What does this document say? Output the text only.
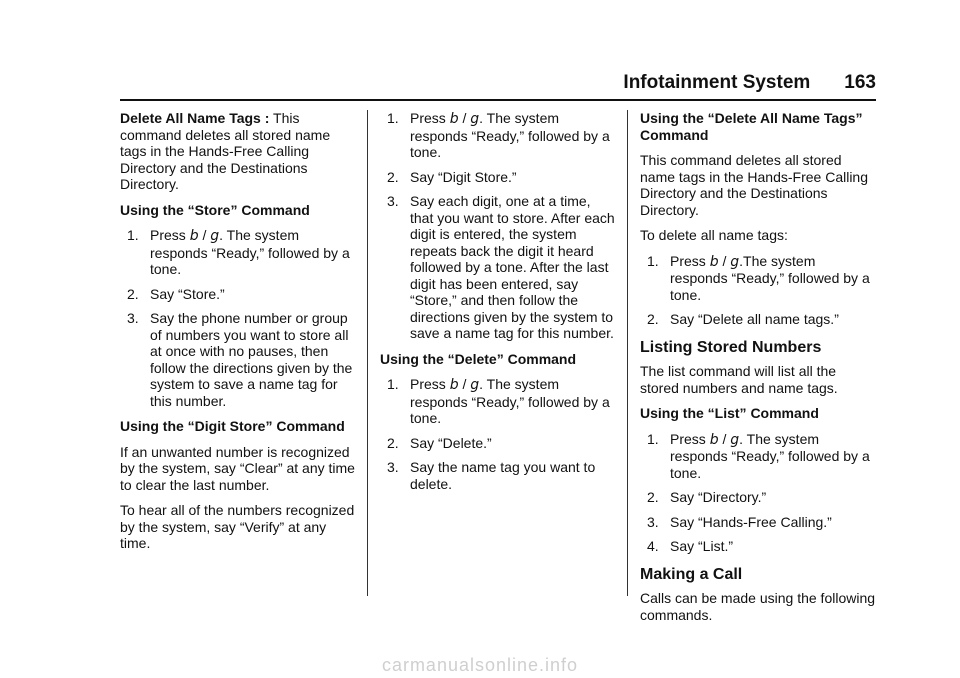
Infotainment System 163

Delete All Name Tags : This command deletes all stored name tags in the Hands-Free Calling Directory and the Destinations Directory.

Using the “Store” Command

1. Press b / g. The system responds “Ready,” followed by a tone.
2. Say “Store.”
3. Say the phone number or group of numbers you want to store all at once with no pauses, then follow the directions given by the system to save a name tag for this number.

Using the “Digit Store” Command

If an unwanted number is recognized by the system, say “Clear” at any time to clear the last number.

To hear all of the numbers recognized by the system, say “Verify” at any time.

1. Press b / g. The system responds “Ready,” followed by a tone.
2. Say “Digit Store.”
3. Say each digit, one at a time, that you want to store. After each digit is entered, the system repeats back the digit it heard followed by a tone. After the last digit has been entered, say “Store,” and then follow the directions given by the system to save a name tag for this number.

Using the “Delete” Command

1. Press b / g. The system responds “Ready,” followed by a tone.
2. Say “Delete.”
3. Say the name tag you want to delete.

Using the “Delete All Name Tags” Command

This command deletes all stored name tags in the Hands-Free Calling Directory and the Destinations Directory.

To delete all name tags:

1. Press b / g.The system responds “Ready,” followed by a tone.
2. Say “Delete all name tags.”
Listing Stored Numbers

The list command will list all the stored numbers and name tags.

Using the “List” Command

1. Press b / g. The system responds “Ready,” followed by a tone.
2. Say “Directory.”
3. Say “Hands-Free Calling.”
4. Say “List.”
Making a Call

Calls can be made using the following commands.

carmanualsonline.info
